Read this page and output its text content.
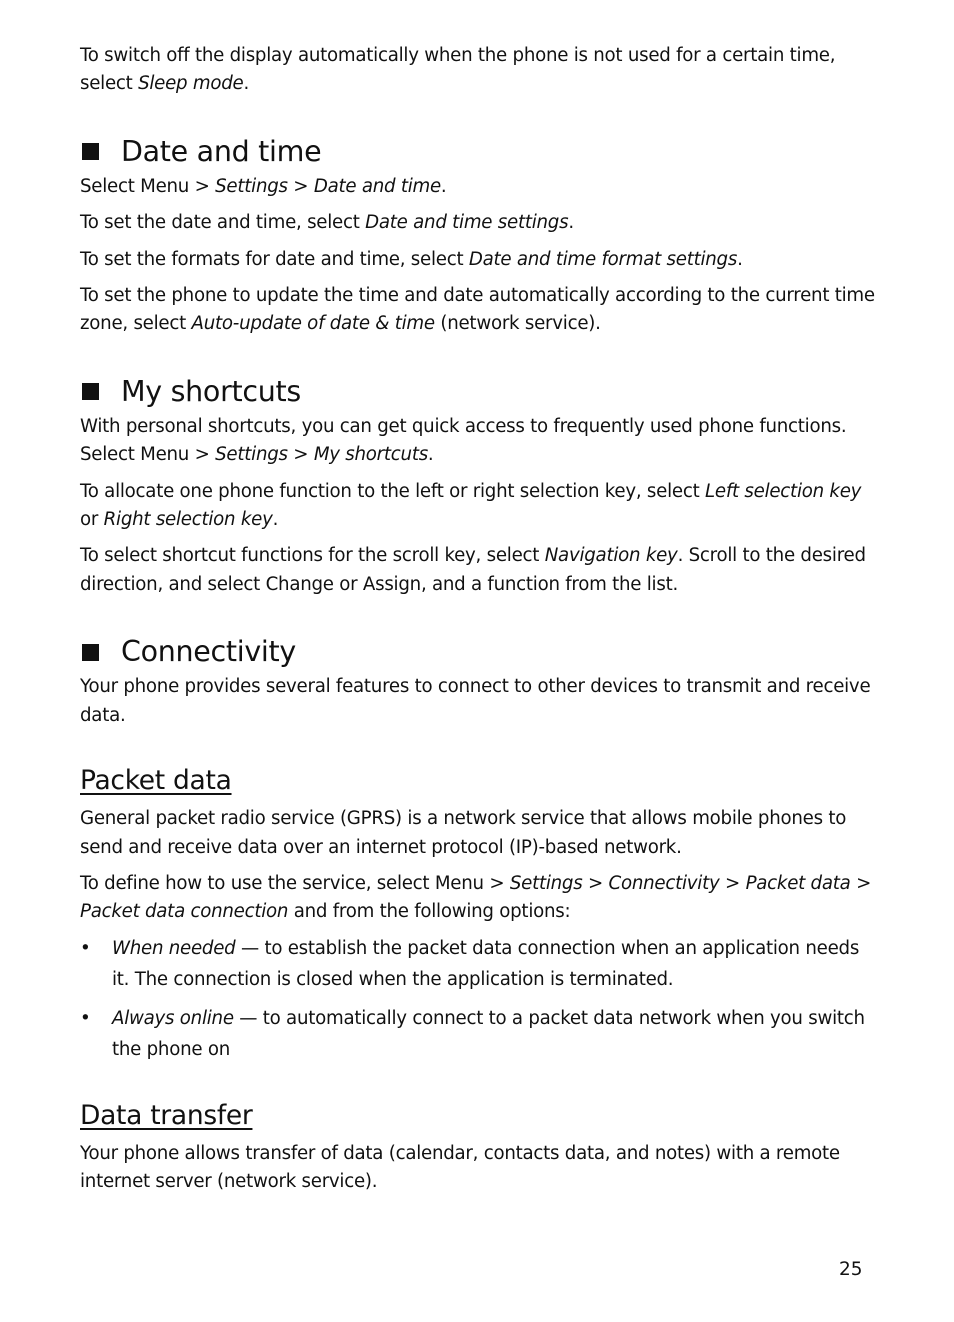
To switch off the display automatically when the phone is not used for a certain time, select Sleep mode.

Date and time

Select Menu > Settings > Date and time.

To set the date and time, select Date and time settings.

To set the formats for date and time, select Date and time format settings.

To set the phone to update the time and date automatically according to the current time zone, select Auto-update of date & time (network service).

My shortcuts

With personal shortcuts, you can get quick access to frequently used phone functions. Select Menu > Settings > My shortcuts.

To allocate one phone function to the left or right selection key, select Left selection key or Right selection key.

To select shortcut functions for the scroll key, select Navigation key. Scroll to the desired direction, and select Change or Assign, and a function from the list.

Connectivity

Your phone provides several features to connect to other devices to transmit and receive data.

Packet data

General packet radio service (GPRS) is a network service that allows mobile phones to send and receive data over an internet protocol (IP)-based network.

To define how to use the service, select Menu > Settings > Connectivity > Packet data > Packet data connection and from the following options:

• When needed — to establish the packet data connection when an application needs it. The connection is closed when the application is terminated.
• Always online — to automatically connect to a packet data network when you switch the phone on
Data transfer

Your phone allows transfer of data (calendar, contacts data, and notes) with a remote internet server (network service).

25
